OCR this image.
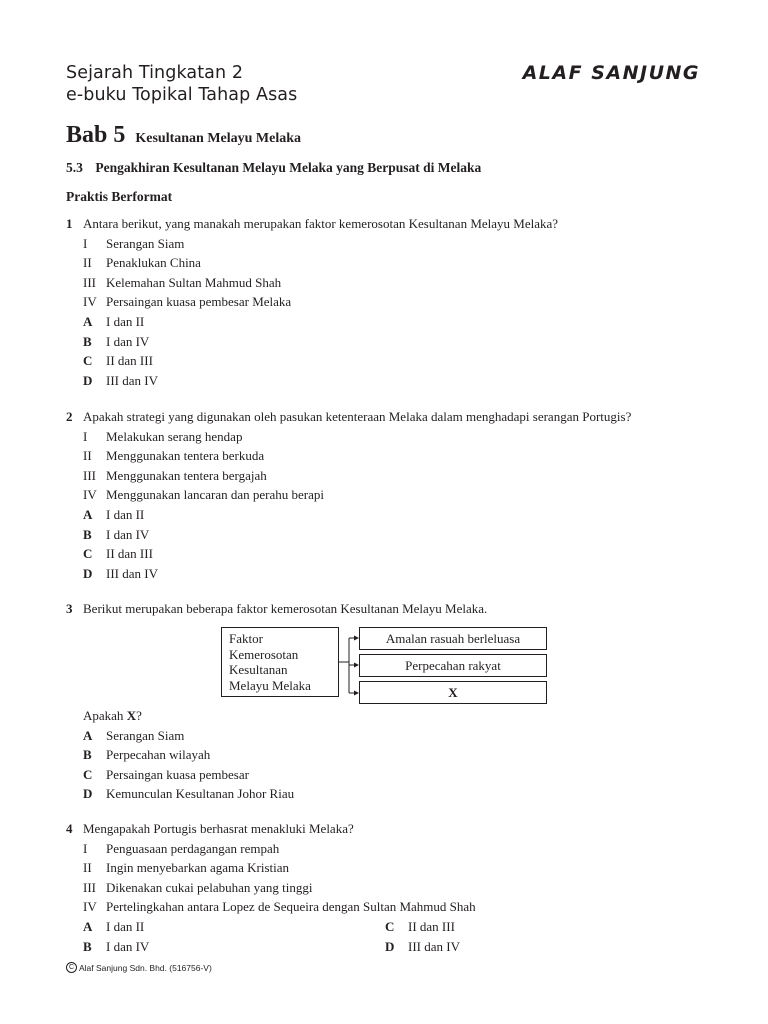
Sejarah Tingkatan 2
e-buku Topikal Tahap Asas
ALAF SANJUNG
Bab 5 Kesultanan Melayu Melaka
5.3 Pengakhiran Kesultanan Melayu Melaka yang Berpusat di Melaka
Praktis Berformat
1 Antara berikut, yang manakah merupakan faktor kemerosotan Kesultanan Melayu Melaka?
I	Serangan Siam
II	Penaklukan China
III Kelemahan Sultan Mahmud Shah
IV Persaingan kuasa pembesar Melaka
A	I dan II
B	I dan IV
C	II dan III
D	III dan IV
2 Apakah strategi yang digunakan oleh pasukan ketenteraan Melaka dalam menghadapi serangan Portugis?
I	Melakukan serang hendap
II	Menggunakan tentera berkuda
III Menggunakan tentera bergajah
IV Menggunakan lancaran dan perahu berapi
A	I dan II
B	I dan IV
C	II dan III
D	III dan IV
3 Berikut merupakan beberapa faktor kemerosotan Kesultanan Melayu Melaka.
Faktor
Kemerosotan
Kesultanan
Melayu Melaka
Amalan rasuah berleluasa
Perpecahan rakyat
X
Apakah X ?
A	Serangan Siam
B	Perpecahan wilayah
C	Persaingan kuasa pembesar
D	Kemunculan Kesultanan Johor Riau
4 Mengapakah Portugis berhasrat menakluki Melaka?
I	Penguasaan perdagangan rempah
II	Ingin menyebarkan agama Kristian
III Dikenakan cukai pelabuhan yang tinggi
IV Pertelingkahan antara Lopez de Sequeira dengan Sultan Mahmud Shah
A	I dan II	C	II dan III
B	I dan IV	D	III dan IV
C Alaf Sanjung Sdn. Bhd. (516756-V)
